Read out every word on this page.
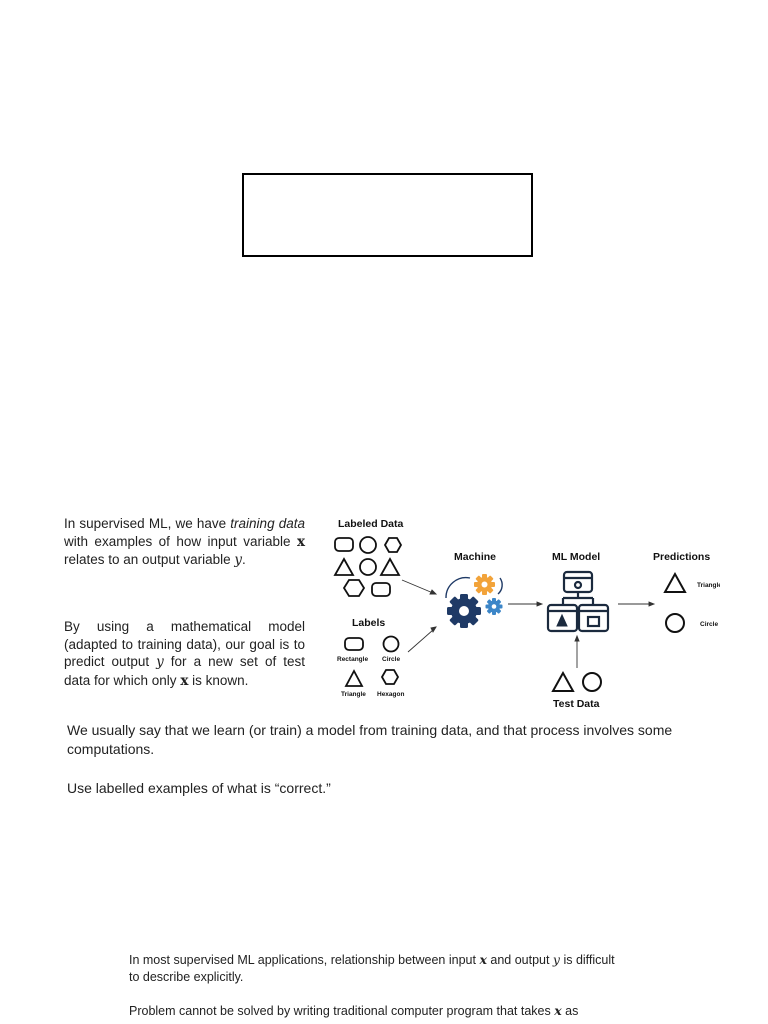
In supervised ML, we have training data with examples of how input variable x relates to an output variable y.

By using a mathematical model (adapted to training data), our goal is to predict output y for a new set of test data for which only x is known.

Labeled Data
Labels
Rectangle Circle
Triangle Hexagon
Machine	ML Model
.
Test Data
Predictions
Triangle
Circle

We usually say that we learn (or train) a model from training data, and that process involves some computations.

Use labelled examples of what is “correct.”

In most supervised ML applications, relationship between input x and output y is difficult to describe explicitly.

Problem cannot be solved by writing traditional computer program that takes x as
